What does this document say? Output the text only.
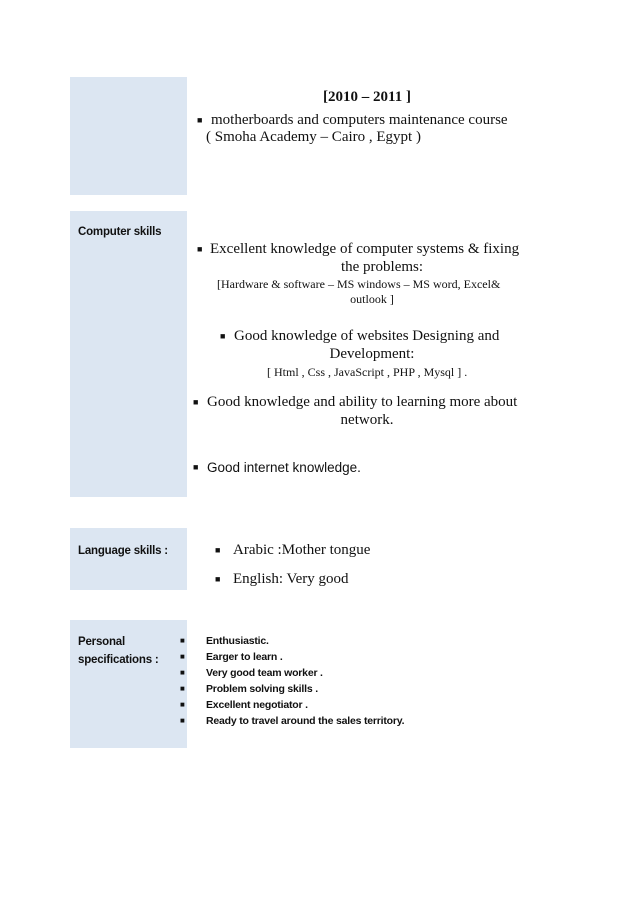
[2010 – 2011 ]
■ motherboards and computers maintenance course
( Smoha Academy – Cairo , Egypt )
Computer skills
■ Excellent knowledge of computer systems & fixing
the problems:
[Hardware & software – MS windows – MS word, Excel&
outlook ]
■ Good knowledge of websites Designing and
Development:
[ Html , Css , JavaScript , PHP , Mysql ] .
■ Good knowledge and ability to learning more about
network.
■ Good internet knowledge.
Language skills :	■ Arabic :Mother tongue
■ English: Very good
Personal
specifications :
■ Enthusiastic.
■ Earger to learn .
■ Very good team worker .
■ Problem solving skills .
■ Excellent negotiator .
■ Ready to travel around the sales territory.
